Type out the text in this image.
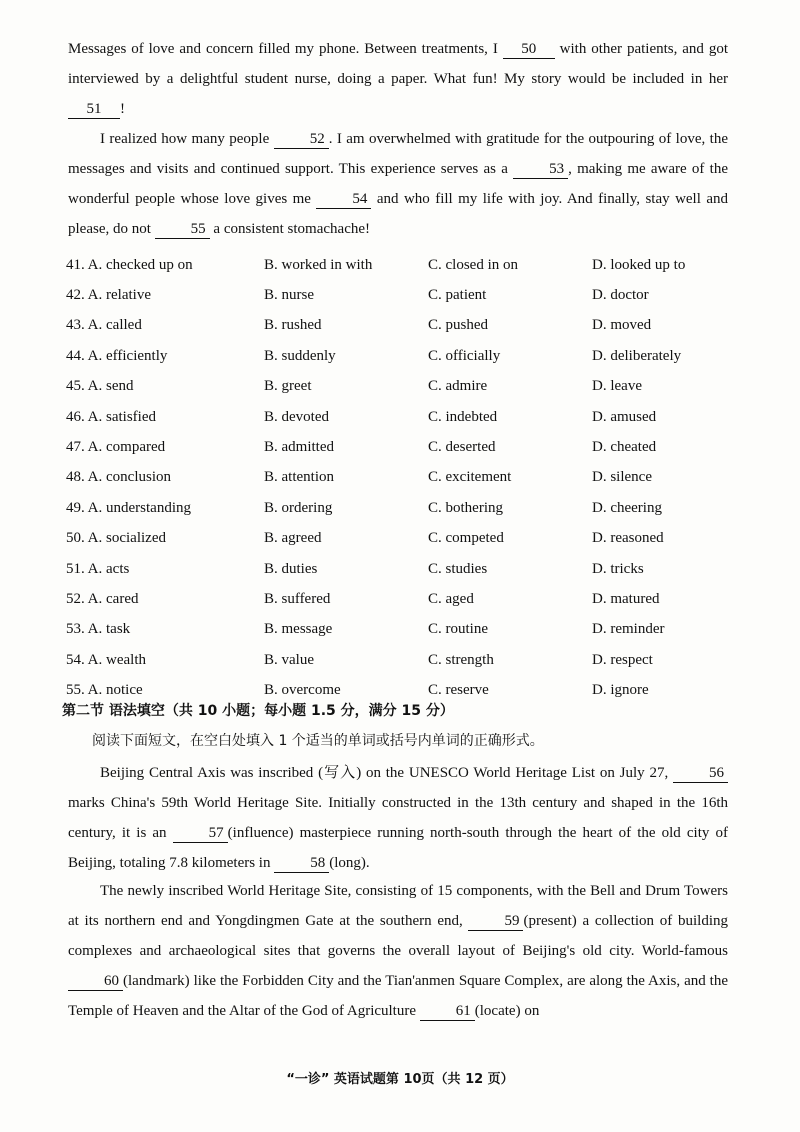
Messages of love and concern filled my phone. Between treatments, I 50 with other patients, and got interviewed by a delightful student nurse, doing a paper. What fun! My story would be included in her 51 !

I realized how many people 52 . I am overwhelmed with gratitude for the outpouring of love, the messages and visits and continued support. This experience serves as a 53 , making me aware of the wonderful people whose love gives me 54 and who fill my life with joy. And finally, stay well and please, do not 55 a consistent stomachache!

41. A. checked up on	B. worked in with	C. closed in on	D. looked up to
42. A. relative	B. nurse	C. patient	D. doctor
43. A. called	B. rushed	C. pushed	D. moved
44. A. efficiently	B. suddenly	C. officially	D. deliberately
45. A. send	B. greet	C. admire	D. leave
46. A. satisfied	B. devoted	C. indebted	D. amused
47. A. compared	B. admitted	C. deserted	D. cheated
48. A. conclusion	B. attention	C. excitement	D. silence
49. A. understanding	B. ordering	C. bothering	D. cheering
50. A. socialized	B. agreed	C. competed	D. reasoned
51. A. acts	B. duties	C. studies	D. tricks
52. A. cared	B. suffered	C. aged	D. matured
53. A. task	B. message	C. routine	D. reminder
54. A. wealth	B. value	C. strength	D. respect
55. A. notice	B. overcome	C. reserve	D. ignore
第二节 语法填空（共 10 小题；每小题 1.5 分，满分 15 分）
阅读下面短文，在空白处填入 1 个适当的单词或括号内单词的正确形式。

Beijing Central Axis was inscribed (写入) on the UNESCO World Heritage List on July 27, 56 marks China's 59th World Heritage Site. Initially constructed in the 13th century and shaped in the 16th century, it is an 57 (influence) masterpiece running north-south through the heart of the old city of Beijing, totaling 7.8 kilometers in 58 (long).

The newly inscribed World Heritage Site, consisting of 15 components, with the Bell and Drum Towers at its northern end and Yongdingmen Gate at the southern end, 59 (present) a collection of building complexes and archaeological sites that governs the overall layout of Beijing's old city. World-famous 60 (landmark) like the Forbidden City and the Tian'anmen Square Complex, are along the Axis, and the Temple of Heaven and the Altar of the God of Agriculture 61 (locate) on

“一诊” 英语试题第 10页（共 12 页）
